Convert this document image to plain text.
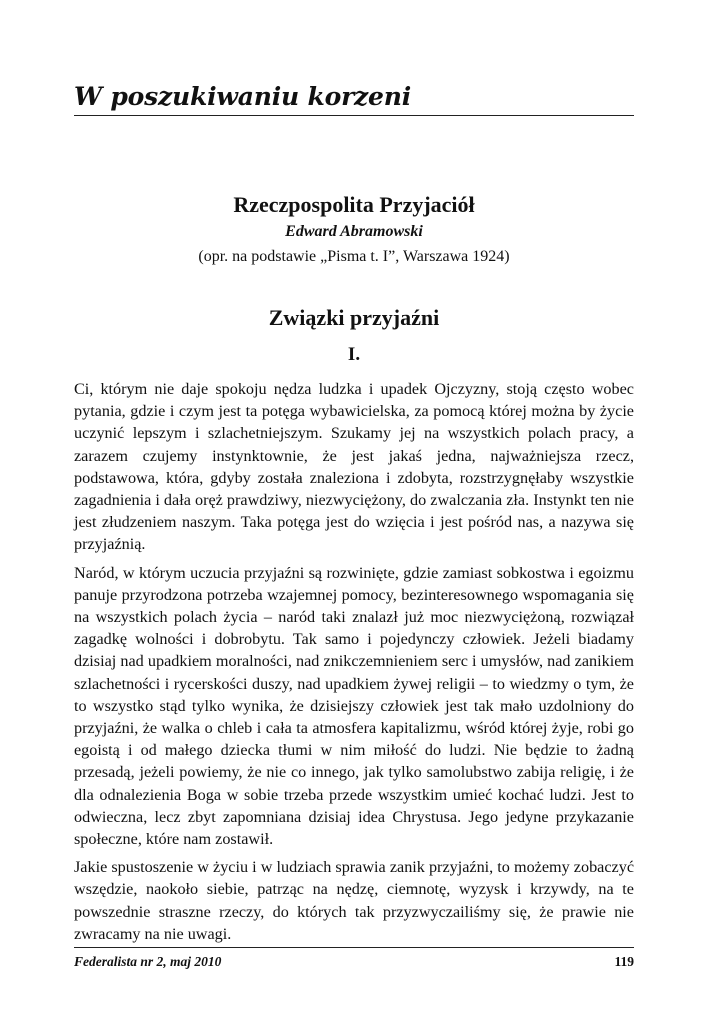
W poszukiwaniu korzeni
Rzeczpospolita Przyjaciół
Edward Abramowski
(opr. na podstawie „Pisma t. I”, Warszawa 1924)
Związki przyjaźni
I.

Ci, którym nie daje spokoju nędza ludzka i upadek Ojczyzny, stoją często wobec pytania, gdzie i czym jest ta potęga wybawicielska, za pomocą której można by życie uczynić lepszym i szlachetniejszym. Szukamy jej na wszystkich polach pracy, a zarazem czujemy instynktownie, że jest jakaś jedna, najważniejsza rzecz, podstawowa, która, gdyby została znaleziona i zdobyta, rozstrzygnęłaby wszystkie zagadnienia i dała oręż prawdziwy, niezwyciężony, do zwalczania zła. Instynkt ten nie jest złudzeniem naszym. Taka potęga jest do wzięcia i jest pośród nas, a nazywa się przyjaźnią.

Naród, w którym uczucia przyjaźni są rozwinięte, gdzie zamiast sobkostwa i egoizmu panuje przyrodzona potrzeba wzajemnej pomocy, bezinteresownego wspomagania się na wszystkich polach życia – naród taki znalazł już moc niezwyciężoną, rozwiązał zagadkę wolności i dobrobytu. Tak samo i pojedynczy człowiek. Jeżeli biadamy dzisiaj nad upadkiem moralności, nad znikczemnieniem serc i umysłów, nad zanikiem szlachetności i rycerskości duszy, nad upadkiem żywej religii – to wiedzmy o tym, że to wszystko stąd tylko wynika, że dzisiejszy człowiek jest tak mało uzdolniony do przyjaźni, że walka o chleb i cała ta atmosfera kapitalizmu, wśród której żyje, robi go egoistą i od małego dziecka tłumi w nim miłość do ludzi. Nie będzie to żadną przesadą, jeżeli powiemy, że nie co innego, jak tylko samolubstwo zabija religię, i że dla odnalezienia Boga w sobie trzeba przede wszystkim umieć kochać ludzi. Jest to odwieczna, lecz zbyt zapomniana dzisiaj idea Chrystusa. Jego jedyne przykazanie społeczne, które nam zostawił.

Jakie spustoszenie w życiu i w ludziach sprawia zanik przyjaźni, to możemy zobaczyć wszędzie, naokoło siebie, patrząc na nędzę, ciemnotę, wyzysk i krzywdy, na te powszednie straszne rzeczy, do których tak przyzwyczailiśmy się, że prawie nie zwracamy na nie uwagi.

Federalista nr 2, maj 2010	119
